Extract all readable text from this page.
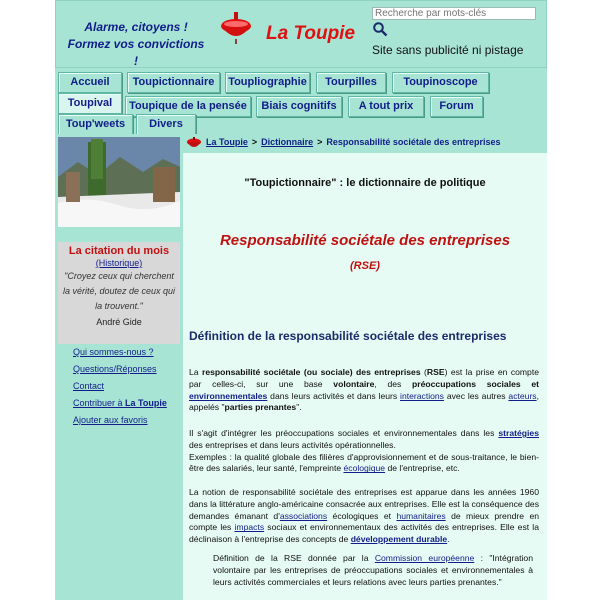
Alarme, citoyens !
Formez vos convictions !
La Toupie
Recherche par mots-clés
Site sans publicité ni pistage
Accueil	Toupictionnaire	Toupliographie	Tourpilles	Toupinoscope
Toupival	Toupique de la pensée	Biais cognitifs	A tout prix	Forum
Toup'weets	Divers
La citation du mois
(Historique)
"Croyez ceux qui cherchent
la vérité, doutez de ceux qui
la trouvent."
André Gide
Qui sommes-nous ?
Questions/Réponses
Contact
Contribuer à La Toupie
Ajouter aux favoris
La Toupie > Dictionnaire > Responsabilité sociétale des entreprises
"Toupictionnaire" : le dictionnaire de politique
Responsabilité sociétale des entreprises
(RSE)
Définition de la responsabilité sociétale des entreprises
La responsabilité sociétale (ou sociale) des entreprises (RSE) est la prise en compte par celles-ci, sur une base volontaire, des préoccupations sociales et environnementales dans leurs activités et dans leurs interactions avec les autres acteurs, appelés "parties prenantes".
Il s'agit d'intégrer les préoccupations sociales et environnementales dans les stratégies des entreprises et dans leurs activités opérationnelles.
Exemples : la qualité globale des filières d'approvisionnement et de sous-traitance, le bien-être des salariés, leur santé, l'empreinte écologique de l'entreprise, etc.
La notion de responsabilité sociétale des entreprises est apparue dans les années 1960 dans la littérature anglo-américaine consacrée aux entreprises. Elle est la conséquence des demandes émanant d'associations écologiques et humanitaires de mieux prendre en compte les impacts sociaux et environnementaux des activités des entreprises. Elle est la déclinaison à l'entreprise des concepts de développement durable.
Définition de la RSE donnée par la Commission européenne : "Intégration volontaire par les entreprises de préoccupations sociales et environnementales à leurs activités commerciales et leurs relations avec leurs parties prenantes."
